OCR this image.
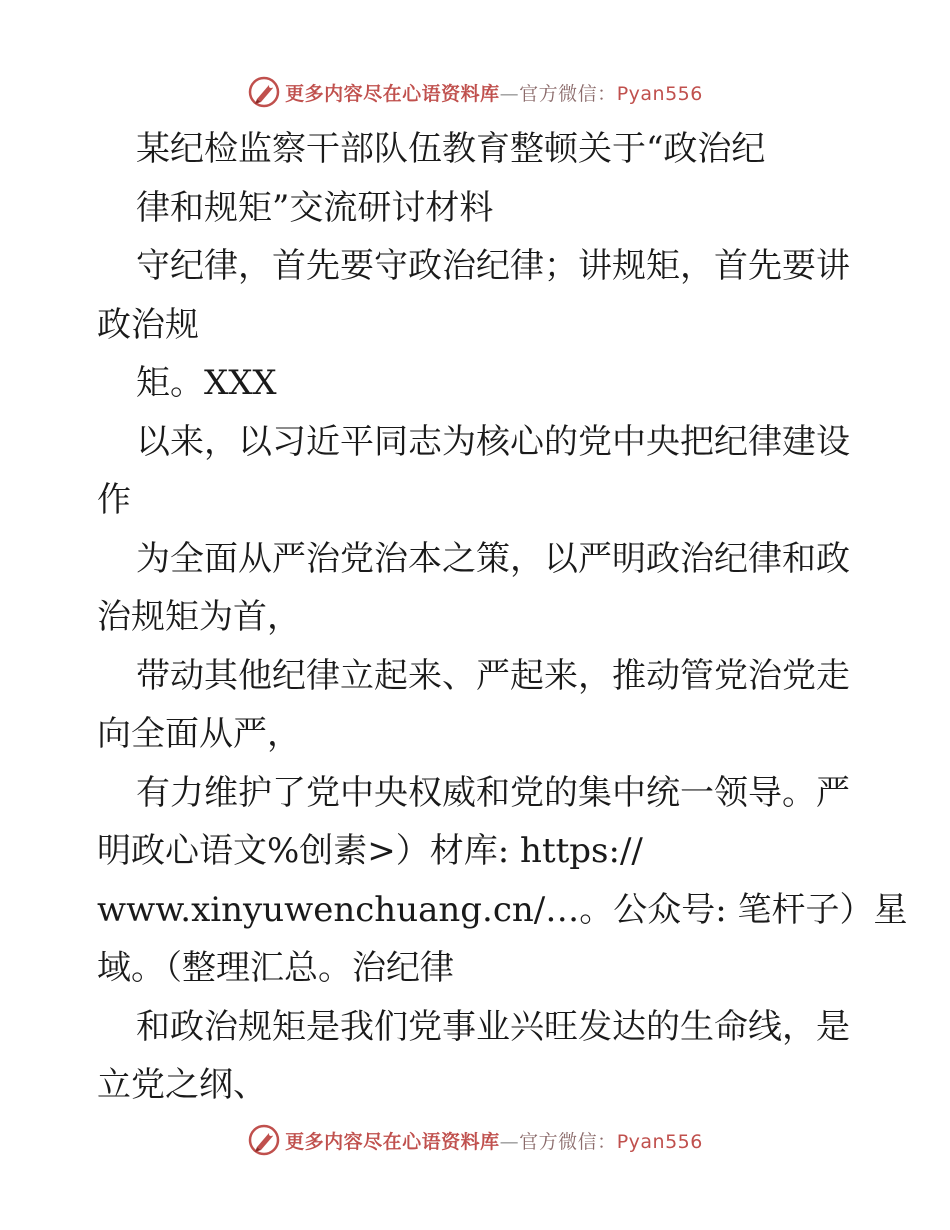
更多内容尽在心语资料库—官方微信：Pyan556
某纪检监察干部队伍教育整顿关于“政治纪
律和规矩”交流研讨材料
守纪律，首先要守政治纪律；讲规矩，首先要讲
政治规
矩。XXX
以来，以习近平同志为核心的党中央把纪律建设
作
为全面从严治党治本之策，以严明政治纪律和政
治规矩为首，
带动其他纪律立起来、严起来，推动管党治党走
向全面从严，
有力维护了党中央权威和党的集中统一领导。严
明政心语文%创素>）材库: https://
www.xinyuwenchuang.cn/…。公众号: 笔杆子）星
域。（整理汇总。治纪律
和政治规矩是我们党事业兴旺发达的生命线，是
立党之纲、
更多内容尽在心语资料库—官方微信：Pyan556
